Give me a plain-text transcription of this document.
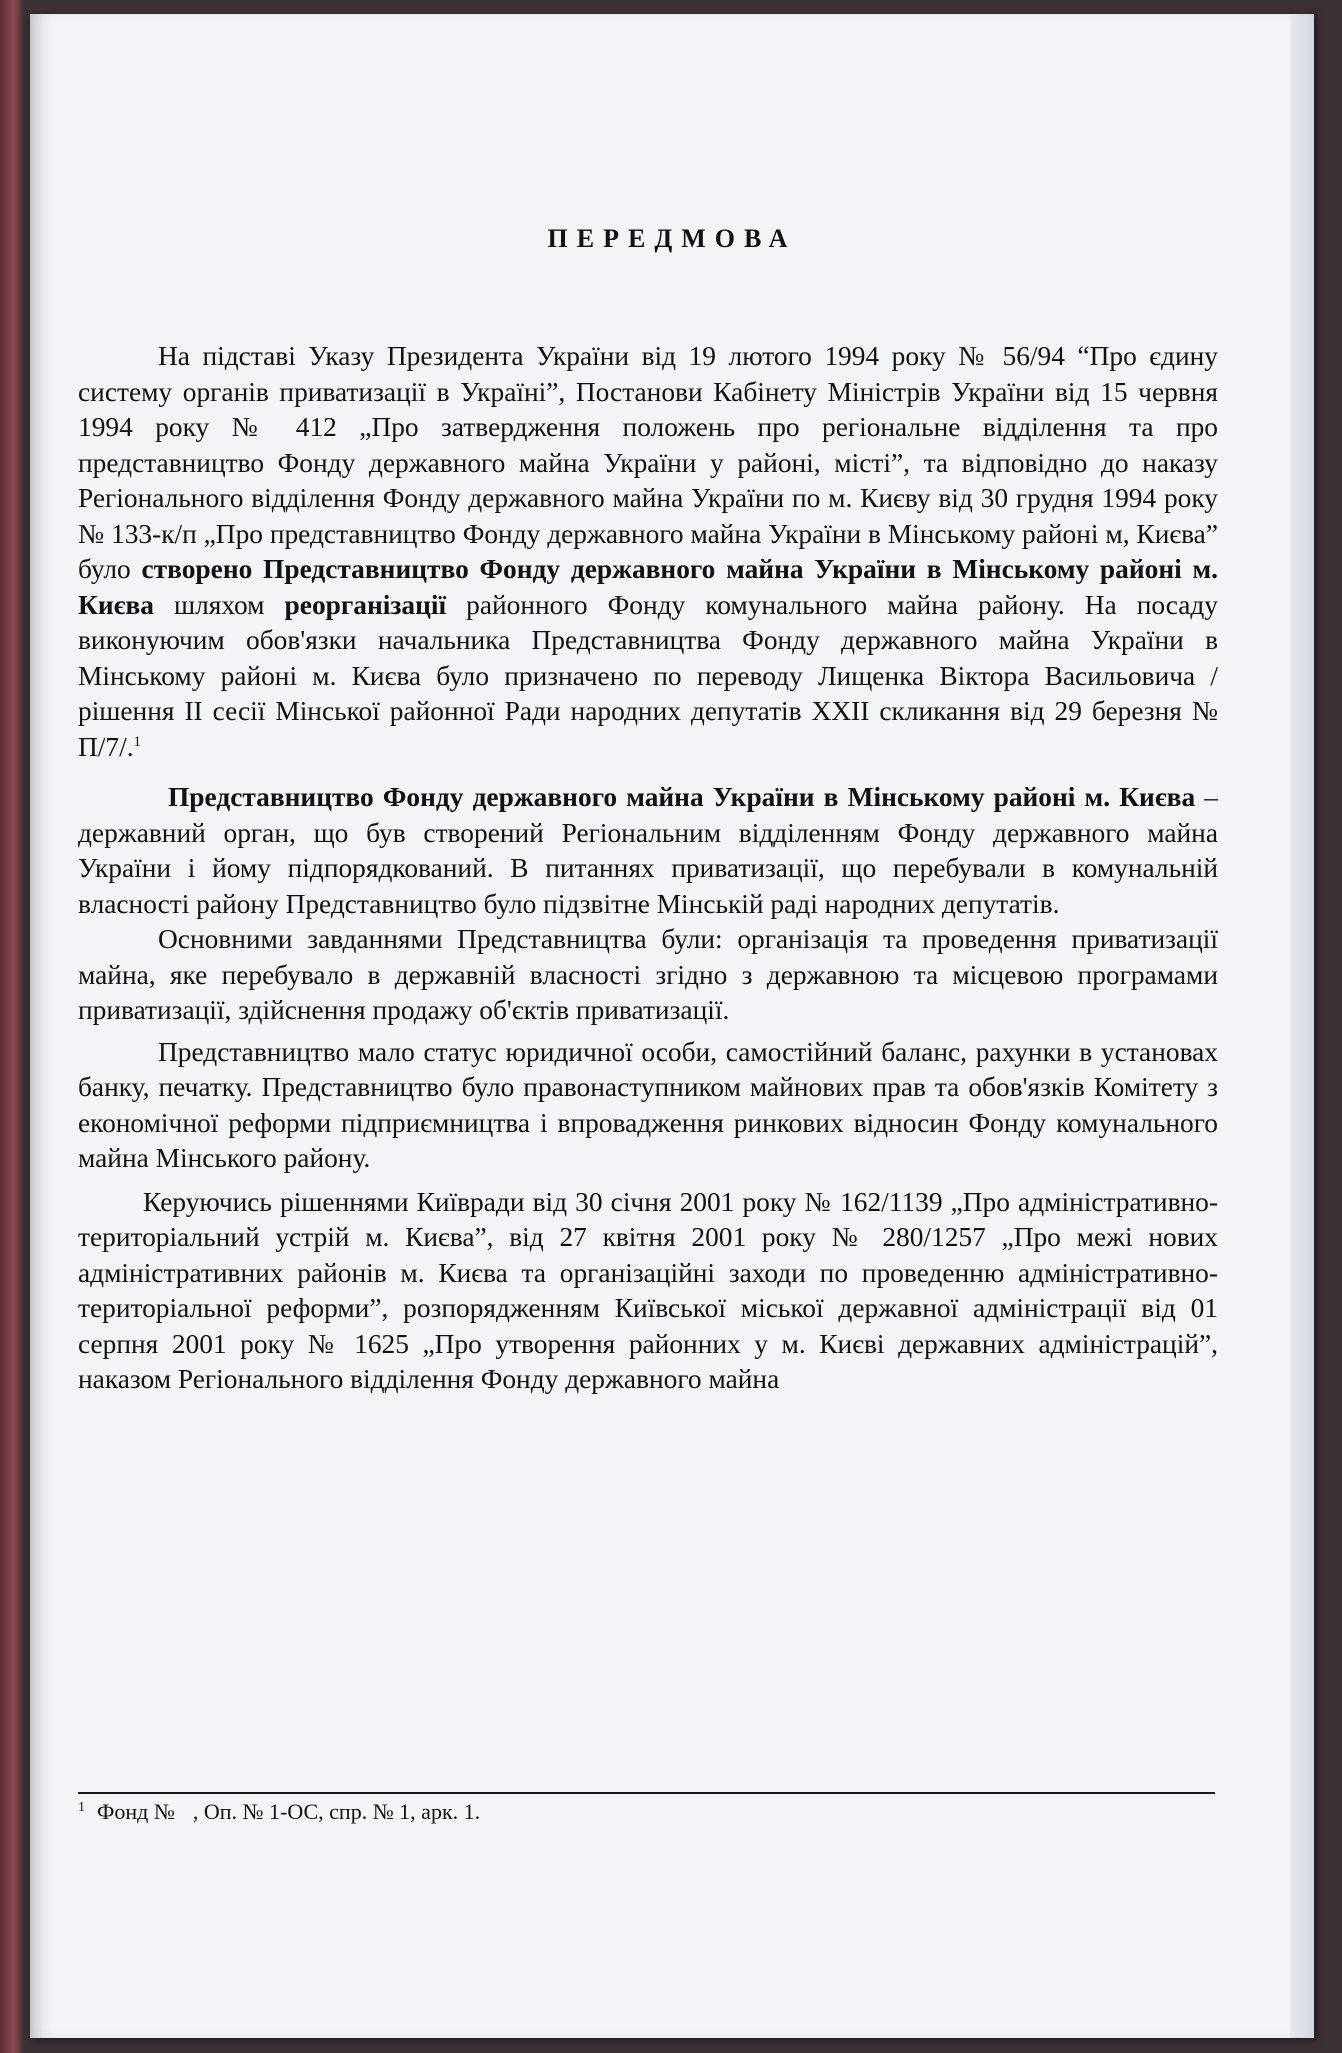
ПЕРЕДМОВА

На підставі Указу Президента України від 19 лютого 1994 року № 56/94 “Про єдину систему органів приватизації в Україні”, Постанови Кабінету Міністрів України від 15 червня 1994 року № 412 „Про затвердження положень про регіональне відділення та про представництво Фонду державного майна України у районі, місті”, та відповідно до наказу Регіонального відділення Фонду державного майна України по м. Києву від 30 грудня 1994 року № 133-к/п „Про представництво Фонду державного майна України в Мінському районі м, Києва” було створено Представництво Фонду державного майна України в Мінському районі м. Києва шляхом реорганізації районного Фонду комунального майна району. На посаду виконуючим обов'язки начальника Представництва Фонду державного майна України в Мінському районі м. Києва було призначено по переводу Лищенка Віктора Васильовича /рішення ІІ сесії Мінської районної Ради народних депутатів ХХІІ скликання від 29 березня № П/7/.$^1$

Представництво Фонду державного майна України в Мінському районі м. Києва – державний орган, що був створений Регіональним відділенням Фонду державного майна України і йому підпорядкований. В питаннях приватизації, що перебували в комунальній власності району Представництво було підзвітне Мінській раді народних депутатів.

Основними завданнями Представництва були: організація та проведення приватизації майна, яке перебувало в державній власності згідно з державною та місцевою програмами приватизації, здійснення продажу об'єктів приватизації.

Представництво мало статус юридичної особи, самостійний баланс, рахунки в установах банку, печатку. Представництво було правонаступником майнових прав та обов'язків Комітету з економічної реформи підприємництва і впровадження ринкових відносин Фонду комунального майна Мінського району.

Керуючись рішеннями Київради від 30 січня 2001 року № 162/1139 „Про адміністративно-територіальний устрій м. Києва”, від 27 квітня 2001 року № 280/1257 „Про межі нових адміністративних районів м. Києва та організаційні заходи по проведенню адміністративно-територіальної реформи”, розпорядженням Київської міської державної адміністрації від 01 серпня 2001 року № 1625 „Про утворення районних у м. Києві державних адміністрацій”, наказом Регіонального відділення Фонду державного майна

$^1$ Фонд № , Оп. № 1-ОС, спр. № 1, арк. 1.
